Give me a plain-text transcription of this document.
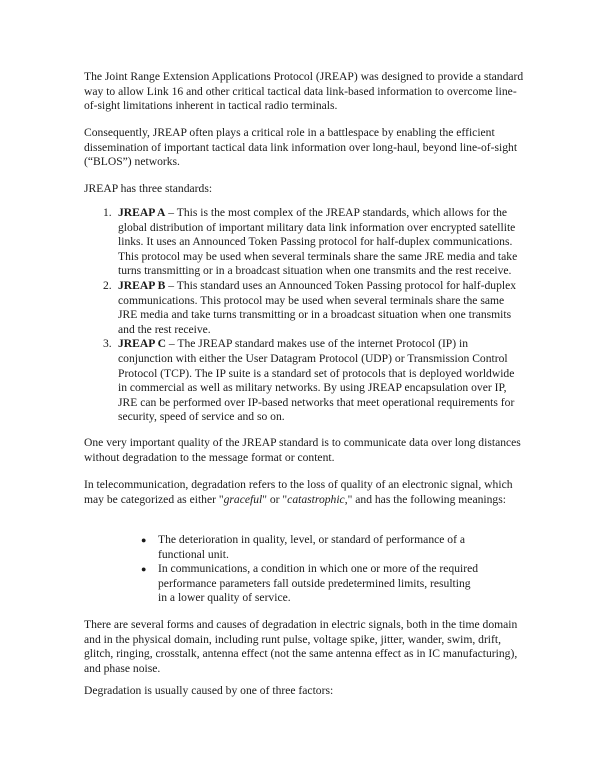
The Joint Range Extension Applications Protocol (JREAP) was designed to provide a standard way to allow Link 16 and other critical tactical data link-based information to overcome line-of-sight limitations inherent in tactical radio terminals.

Consequently, JREAP often plays a critical role in a battlespace by enabling the efficient dissemination of important tactical data link information over long-haul, beyond line-of-sight (“BLOS”) networks.

JREAP has three standards:

1. JREAP A – This is the most complex of the JREAP standards, which allows for the global distribution of important military data link information over encrypted satellite links. It uses an Announced Token Passing protocol for half-duplex communications. This protocol may be used when several terminals share the same JRE media and take turns transmitting or in a broadcast situation when one transmits and the rest receive.
2. JREAP B – This standard uses an Announced Token Passing protocol for half-duplex communications. This protocol may be used when several terminals share the same JRE media and take turns transmitting or in a broadcast situation when one transmits and the rest receive.
3. JREAP C – The JREAP standard makes use of the internet Protocol (IP) in conjunction with either the User Datagram Protocol (UDP) or Transmission Control Protocol (TCP). The IP suite is a standard set of protocols that is deployed worldwide in commercial as well as military networks. By using JREAP encapsulation over IP, JRE can be performed over IP-based networks that meet operational requirements for security, speed of service and so on.

One very important quality of the JREAP standard is to communicate data over long distances without degradation to the message format or content.

In telecommunication, degradation refers to the loss of quality of an electronic signal, which may be categorized as either "graceful" or "catastrophic," and has the following meanings:

● The deterioration in quality, level, or standard of performance of a functional unit.
● In communications, a condition in which one or more of the required performance parameters fall outside predetermined limits, resulting in a lower quality of service.

There are several forms and causes of degradation in electric signals, both in the time domain and in the physical domain, including runt pulse, voltage spike, jitter, wander, swim, drift, glitch, ringing, crosstalk, antenna effect (not the same antenna effect as in IC manufacturing), and phase noise.

Degradation is usually caused by one of three factors:
